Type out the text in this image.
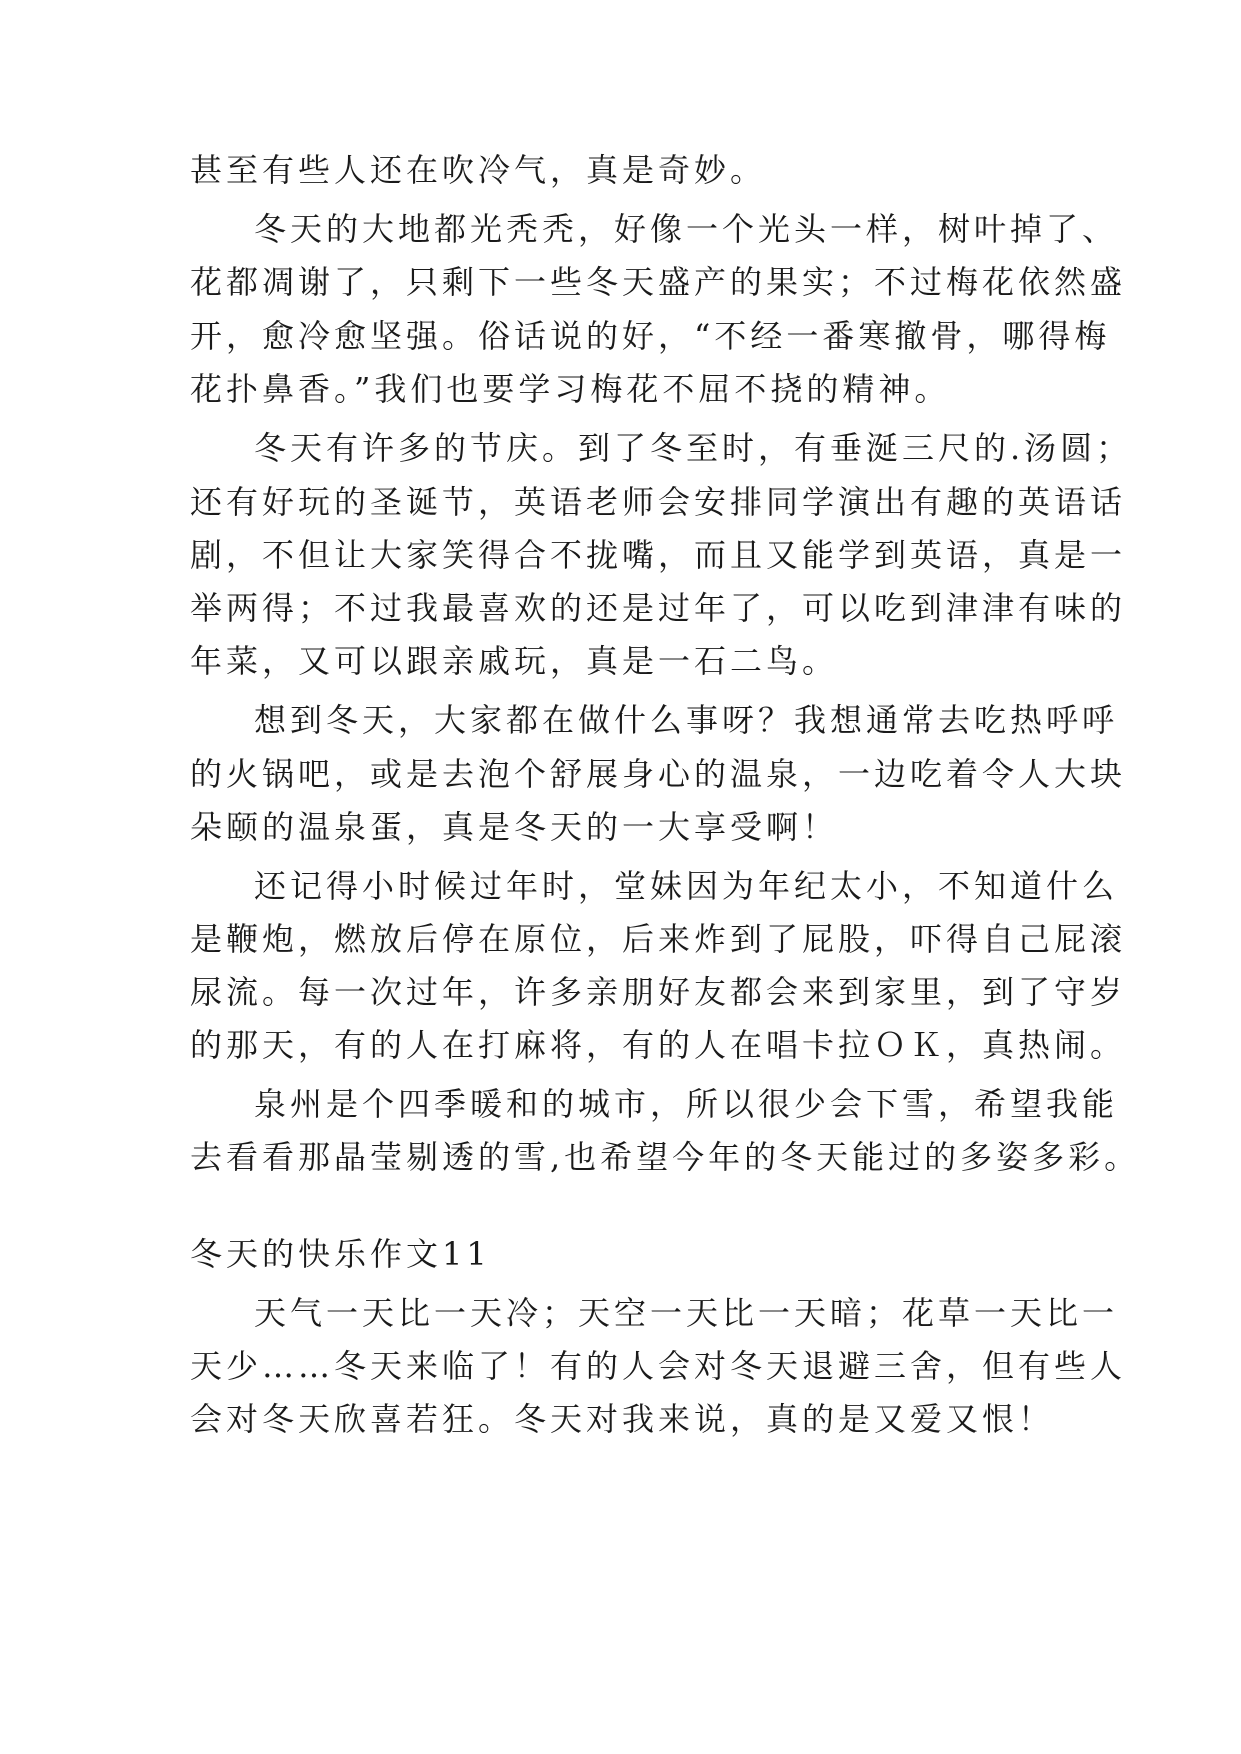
甚至有些人还在吹冷气，真是奇妙。
冬天的大地都光秃秃，好像一个光头一样，树叶掉了、
花都凋谢了，只剩下一些冬天盛产的果实；不过梅花依然盛
开，愈冷愈坚强。俗话说的好，“不经一番寒撤骨，哪得梅
花扑鼻香。”我们也要学习梅花不屈不挠的精神。
冬天有许多的节庆。到了冬至时，有垂涎三尺的.汤圆；
还有好玩的圣诞节，英语老师会安排同学演出有趣的英语话
剧，不但让大家笑得合不拢嘴，而且又能学到英语，真是一
举两得；不过我最喜欢的还是过年了，可以吃到津津有味的
年菜，又可以跟亲戚玩，真是一石二鸟。
想到冬天，大家都在做什么事呀？我想通常去吃热呼呼
的火锅吧，或是去泡个舒展身心的温泉，一边吃着令人大块
朵颐的温泉蛋，真是冬天的一大享受啊！
还记得小时候过年时，堂妹因为年纪太小，不知道什么
是鞭炮，燃放后停在原位，后来炸到了屁股，吓得自己屁滚
尿流。每一次过年，许多亲朋好友都会来到家里，到了守岁
的那天，有的人在打麻将，有的人在唱卡拉ＯＫ，真热闹。
泉州是个四季暖和的城市，所以很少会下雪，希望我能
去看看那晶莹剔透的雪,也希望今年的冬天能过的多姿多彩。
冬天的快乐作文11
天气一天比一天冷；天空一天比一天暗；花草一天比一
天少……冬天来临了！有的人会对冬天退避三舍，但有些人
会对冬天欣喜若狂。冬天对我来说，真的是又爱又恨！
